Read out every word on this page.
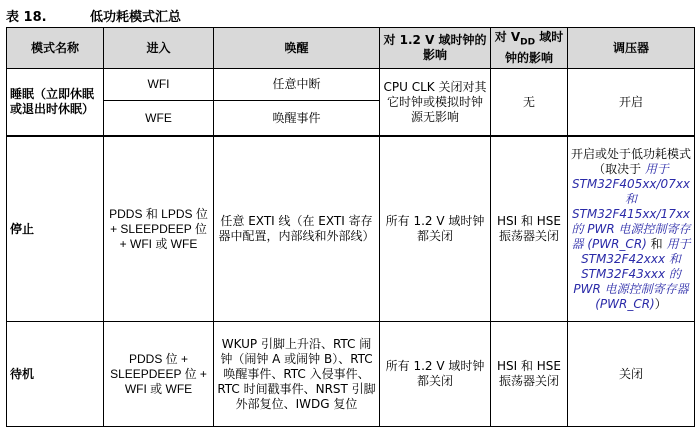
表 18.	低功耗模式汇总
模式名称	进入	唤醒	对 1.2 V 域时钟的影响	对 $V_{DD}$ 域时钟的影响	调压器
睡眠（立即休眠或退出时休眠）	WFI	任意中断	CPU CLK 关闭对其它时钟或模拟时钟源无影响	无	开启
	WFE	唤醒事件			
停止	PDDS 和 LPDS 位 + SLEEPDEEP 位 + WFI 或 WFE	任意 EXTI 线（在 EXTI 寄存器中配置，内部线和外部线）	所有 1.2 V 域时钟都关闭	HSI 和 HSE 振荡器关闭	开启或处于低功耗模式（取决于 用于 STM32F405xx/07xx 和 STM32F415xx/17xx 的 PWR 电源控制寄存器 (PWR_CR) 和 用于 STM32F42xxx 和 STM32F43xxx 的 PWR 电源控制寄存器 (PWR_CR)）
待机	PDDS 位 + SLEEPDEEP 位 + WFI 或 WFE	WKUP 引脚上升沿、RTC 闹钟（闹钟 A 或闹钟 B）、RTC 唤醒事件、RTC 入侵事件、RTC 时间戳事件、NRST 引脚外部复位、IWDG 复位	所有 1.2 V 域时钟都关闭	HSI 和 HSE 振荡器关闭	关闭
